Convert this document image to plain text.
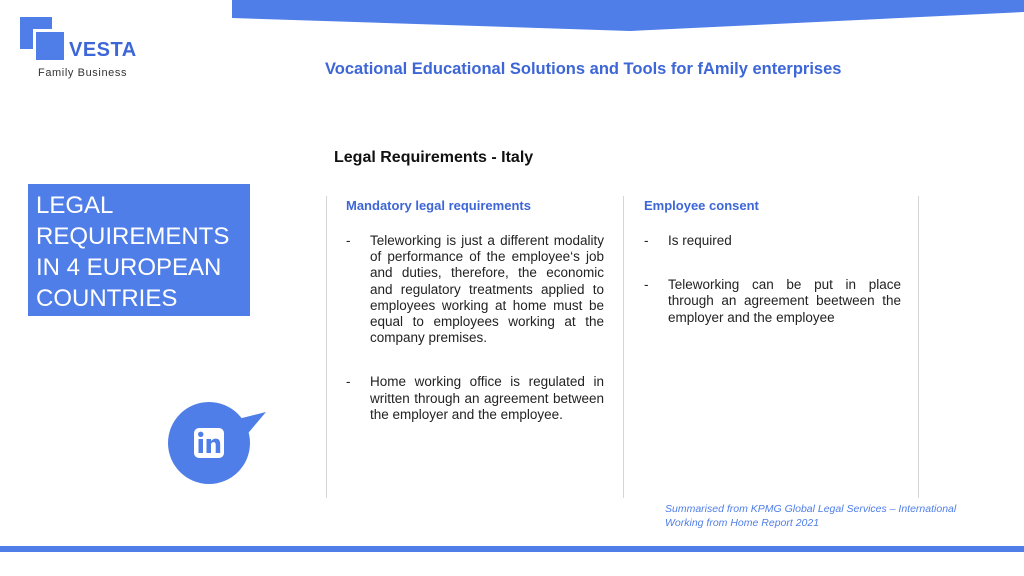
VESTA
Family Business	Vocational Educational Solutions and Tools for fAmily enterprises
LEGAL
REQUIREMENTS
IN 4 EUROPEAN
COUNTRIES
Legal Requirements - Italy
Mandatory legal requirements
- Teleworking is just a different modality of performance of the employee‘s job and duties, therefore, the economic and regulatory treatments applied to employees working at home must be equal to employees working at the company premises.
- Home working office is regulated in written through an agreement between the employer and the employee.
Employee consent
- Is required
- Teleworking can be put in place through an agreement beetween the employer and the employee
Summarised from KPMG Global Legal Services – International Working from Home Report 2021
